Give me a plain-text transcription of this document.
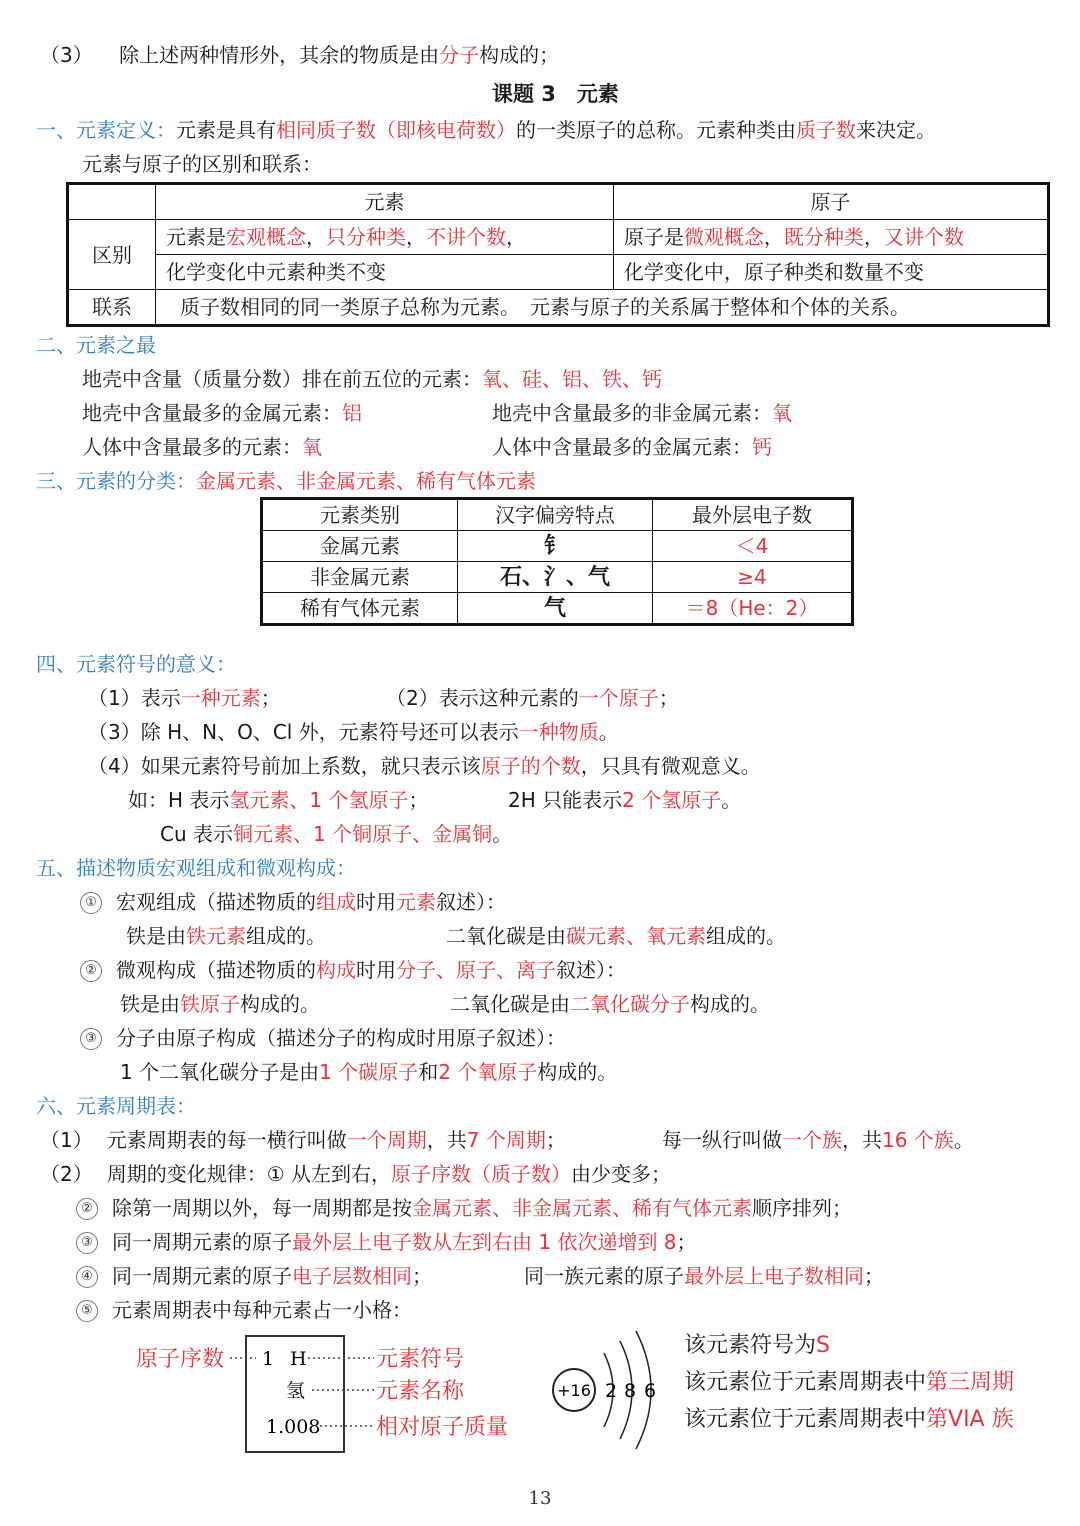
（3） 除上述两种情形外，其余的物质是由分子构成的；
课题 3　元素
一、元素定义：元素是具有相同质子数（即核电荷数）的一类原子的总称。元素种类由质子数来决定。
元素与原子的区别和联系：
	元素	原子
区别	元素是宏观概念，只分种类，不讲个数，	原子是微观概念，既分种类，又讲个数
	化学变化中元素种类不变	化学变化中，原子种类和数量不变
联系	质子数相同的同一类原子总称为元素。　元素与原子的关系属于整体和个体的关系。	
二、元素之最
地壳中含量（质量分数）排在前五位的元素：氧、硅、铝、铁、钙
地壳中含量最多的金属元素：铝	地壳中含量最多的非金属元素：氧
人体中含量最多的元素：氧	人体中含量最多的金属元素：钙
三、元素的分类：金属元素、非金属元素、稀有气体元素
元素类别	汉字偏旁特点	最外层电子数
金属元素	钅	＜4
非金属元素	石、氵、气	≥4
稀有气体元素	气	＝8（He：2）
四、元素符号的意义：
（1）表示一种元素；	（2）表示这种元素的一个原子；
（3）除 H、N、O、Cl 外，元素符号还可以表示一种物质。
（4）如果元素符号前加上系数，就只表示该原子的个数，只具有微观意义。
如：H 表示氢元素、1 个氢原子；	2H 只能表示2 个氢原子。
Cu 表示铜元素、1 个铜原子、金属铜。
五、描述物质宏观组成和微观构成：
① 宏观组成（描述物质的组成时用元素叙述）：
铁是由铁元素组成的。	二氧化碳是由碳元素、氧元素组成的。
② 微观构成（描述物质的构成时用分子、原子、离子叙述）：
铁是由铁原子构成的。	二氧化碳是由二氧化碳分子构成的。
③ 分子由原子构成（描述分子的构成时用原子叙述）：
1 个二氧化碳分子是由1 个碳原子和2 个氧原子构成的。
六、元素周期表：
（1） 元素周期表的每一横行叫做一个周期，共7 个周期；	每一纵行叫做一个族，共16 个族。
（2） 周期的变化规律：① 从左到右，原子序数（质子数）由少变多；
② 除第一周期以外，每一周期都是按金属元素、非金属元素、稀有气体元素顺序排列；
③ 同一周期元素的原子最外层上电子数从左到右由 1 依次递增到 8；
④ 同一周期元素的原子电子层数相同；	同一族元素的原子最外层上电子数相同；
⑤ 元素周期表中每种元素占一小格：
1 H
氢
1.008
原子序数	元素符号
元素名称
相对原子质量
+16 2 8 6
该元素符号为S
该元素位于元素周期表中第三周期
该元素位于元素周期表中第VIA 族
13
